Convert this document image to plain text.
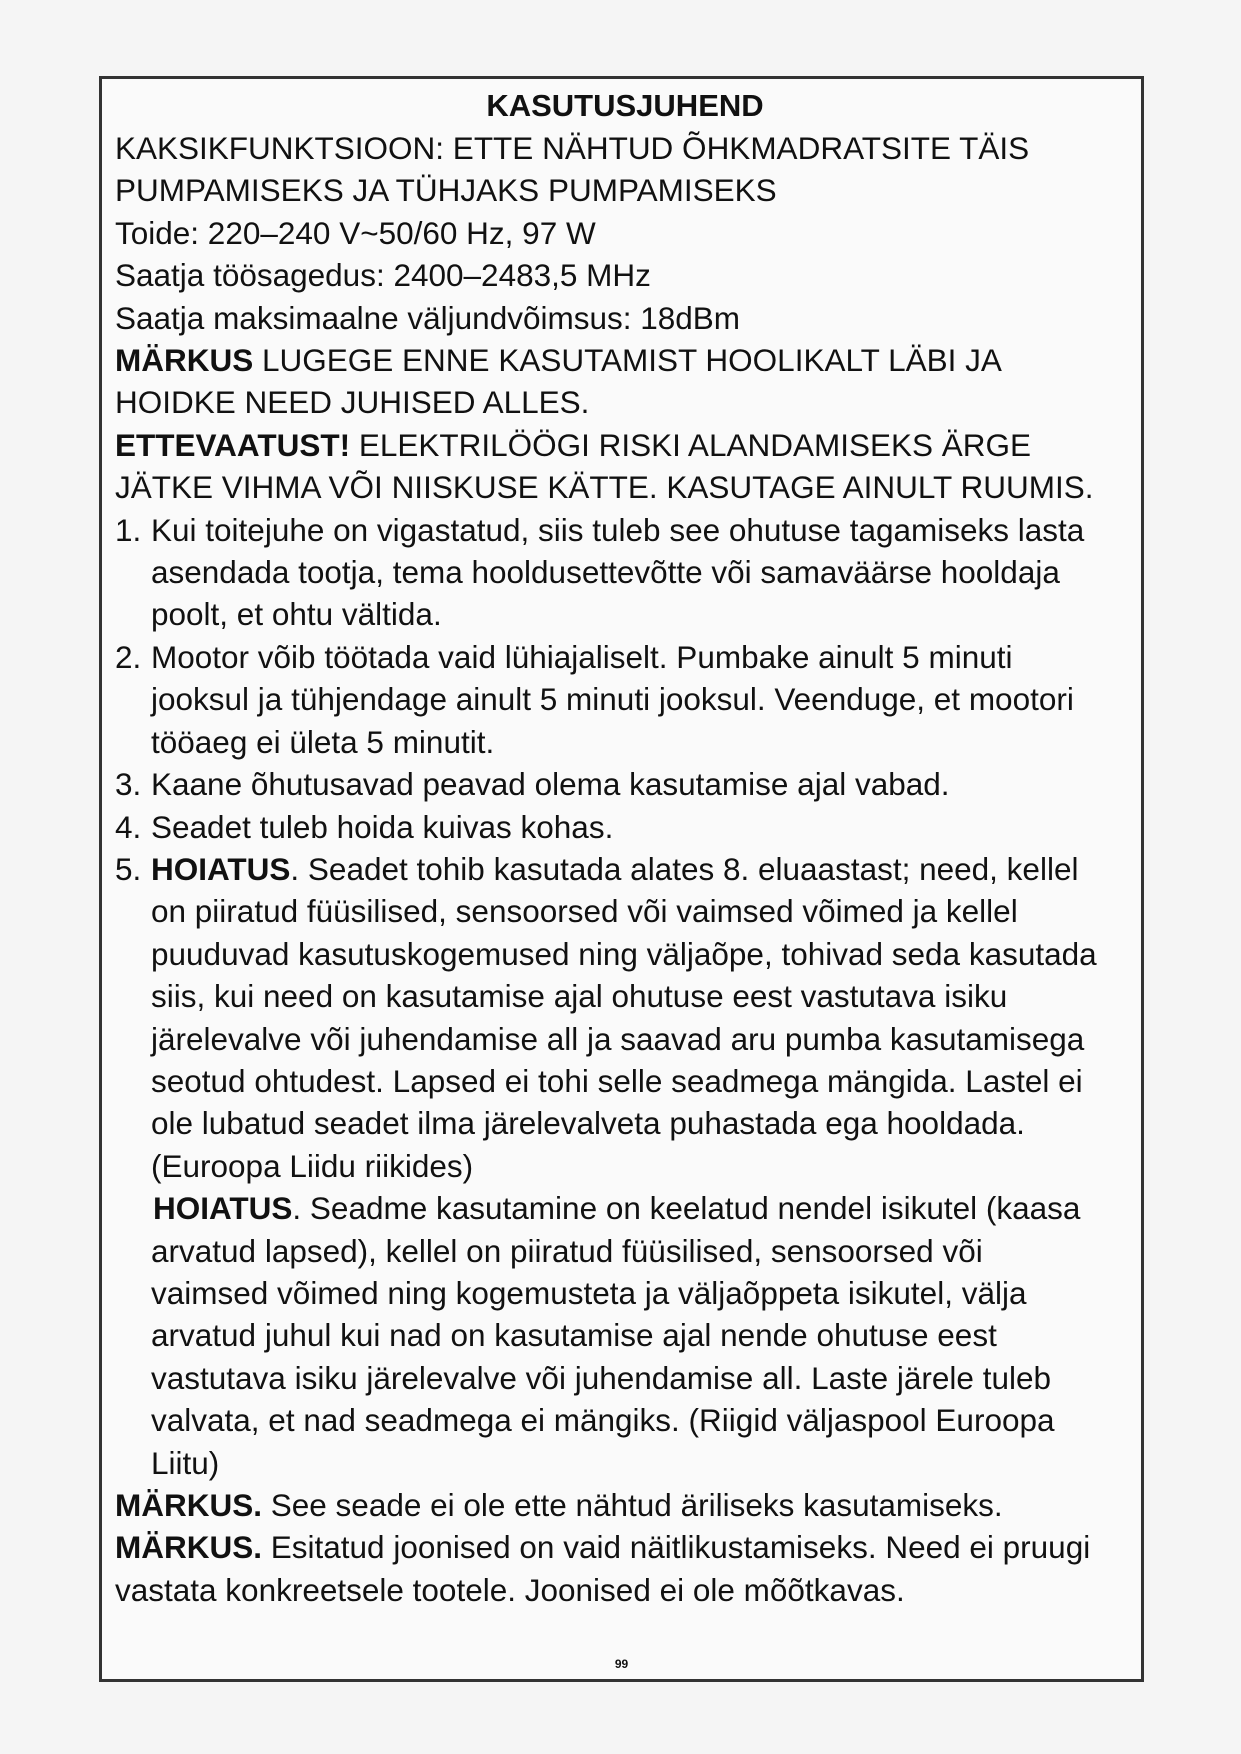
KASUTUSJUHEND

KAKSIKFUNKTSIOON: ETTE NÄHTUD ÕHKMADRATSITE TÄIS

PUMPAMISEKS JA TÜHJAKS PUMPAMISEKS

Toide: 220–240 V~50/60 Hz, 97 W

Saatja töösagedus: 2400–2483,5 MHz

Saatja maksimaalne väljundvõimsus: 18dBm

MÄRKUS LUGEGE ENNE KASUTAMIST HOOLIKALT LÄBI JA HOIDKE NEED JUHISED ALLES.

ETTEVAATUST! ELEKTRILÖÖGI RISKI ALANDAMISEKS ÄRGE JÄTKE VIHMA VÕI NIISKUSE KÄTTE. KASUTAGE AINULT RUUMIS.

1. Kui toitejuhe on vigastatud, siis tuleb see ohutuse tagamiseks lasta asendada tootja, tema hooldusettevõtte või samaväärse hooldaja poolt, et ohtu vältida.
2. Mootor võib töötada vaid lühiajaliselt. Pumbake ainult 5 minuti jooksul ja tühjendage ainult 5 minuti jooksul. Veenduge, et mootori tööaeg ei ületa 5 minutit.
3. Kaane õhutusavad peavad olema kasutamise ajal vabad.
4. Seadet tuleb hoida kuivas kohas.
5. HOIATUS. Seadet tohib kasutada alates 8. eluaastast; need, kellel on piiratud füüsilised, sensoorsed või vaimsed võimed ja kellel puuduvad kasutuskogemused ning väljaõpe, tohivad seda kasutada siis, kui need on kasutamise ajal ohutuse eest vastutava isiku järelevalve või juhendamise all ja saavad aru pumba kasutamisega seotud ohtudest. Lapsed ei tohi selle seadmega mängida. Lastel ei ole lubatud seadet ilma järelevalveta puhastada ega hooldada. (Euroopa Liidu riikides)
HOIATUS. Seadme kasutamine on keelatud nendel isikutel (kaasa arvatud lapsed), kellel on piiratud füüsilised, sensoorsed või vaimsed võimed ning kogemusteta ja väljaõppeta isikutel, välja arvatud juhul kui nad on kasutamise ajal nende ohutuse eest vastutava isiku järelevalve või juhendamise all. Laste järele tuleb valvata, et nad seadmega ei mängiks. (Riigid väljaspool Euroopa Liitu)

MÄRKUS. See seade ei ole ette nähtud äriliseks kasutamiseks.

MÄRKUS. Esitatud joonised on vaid näitlikustamiseks. Need ei pruugi vastata konkreetsele tootele. Joonised ei ole mõõtkavas.

99
